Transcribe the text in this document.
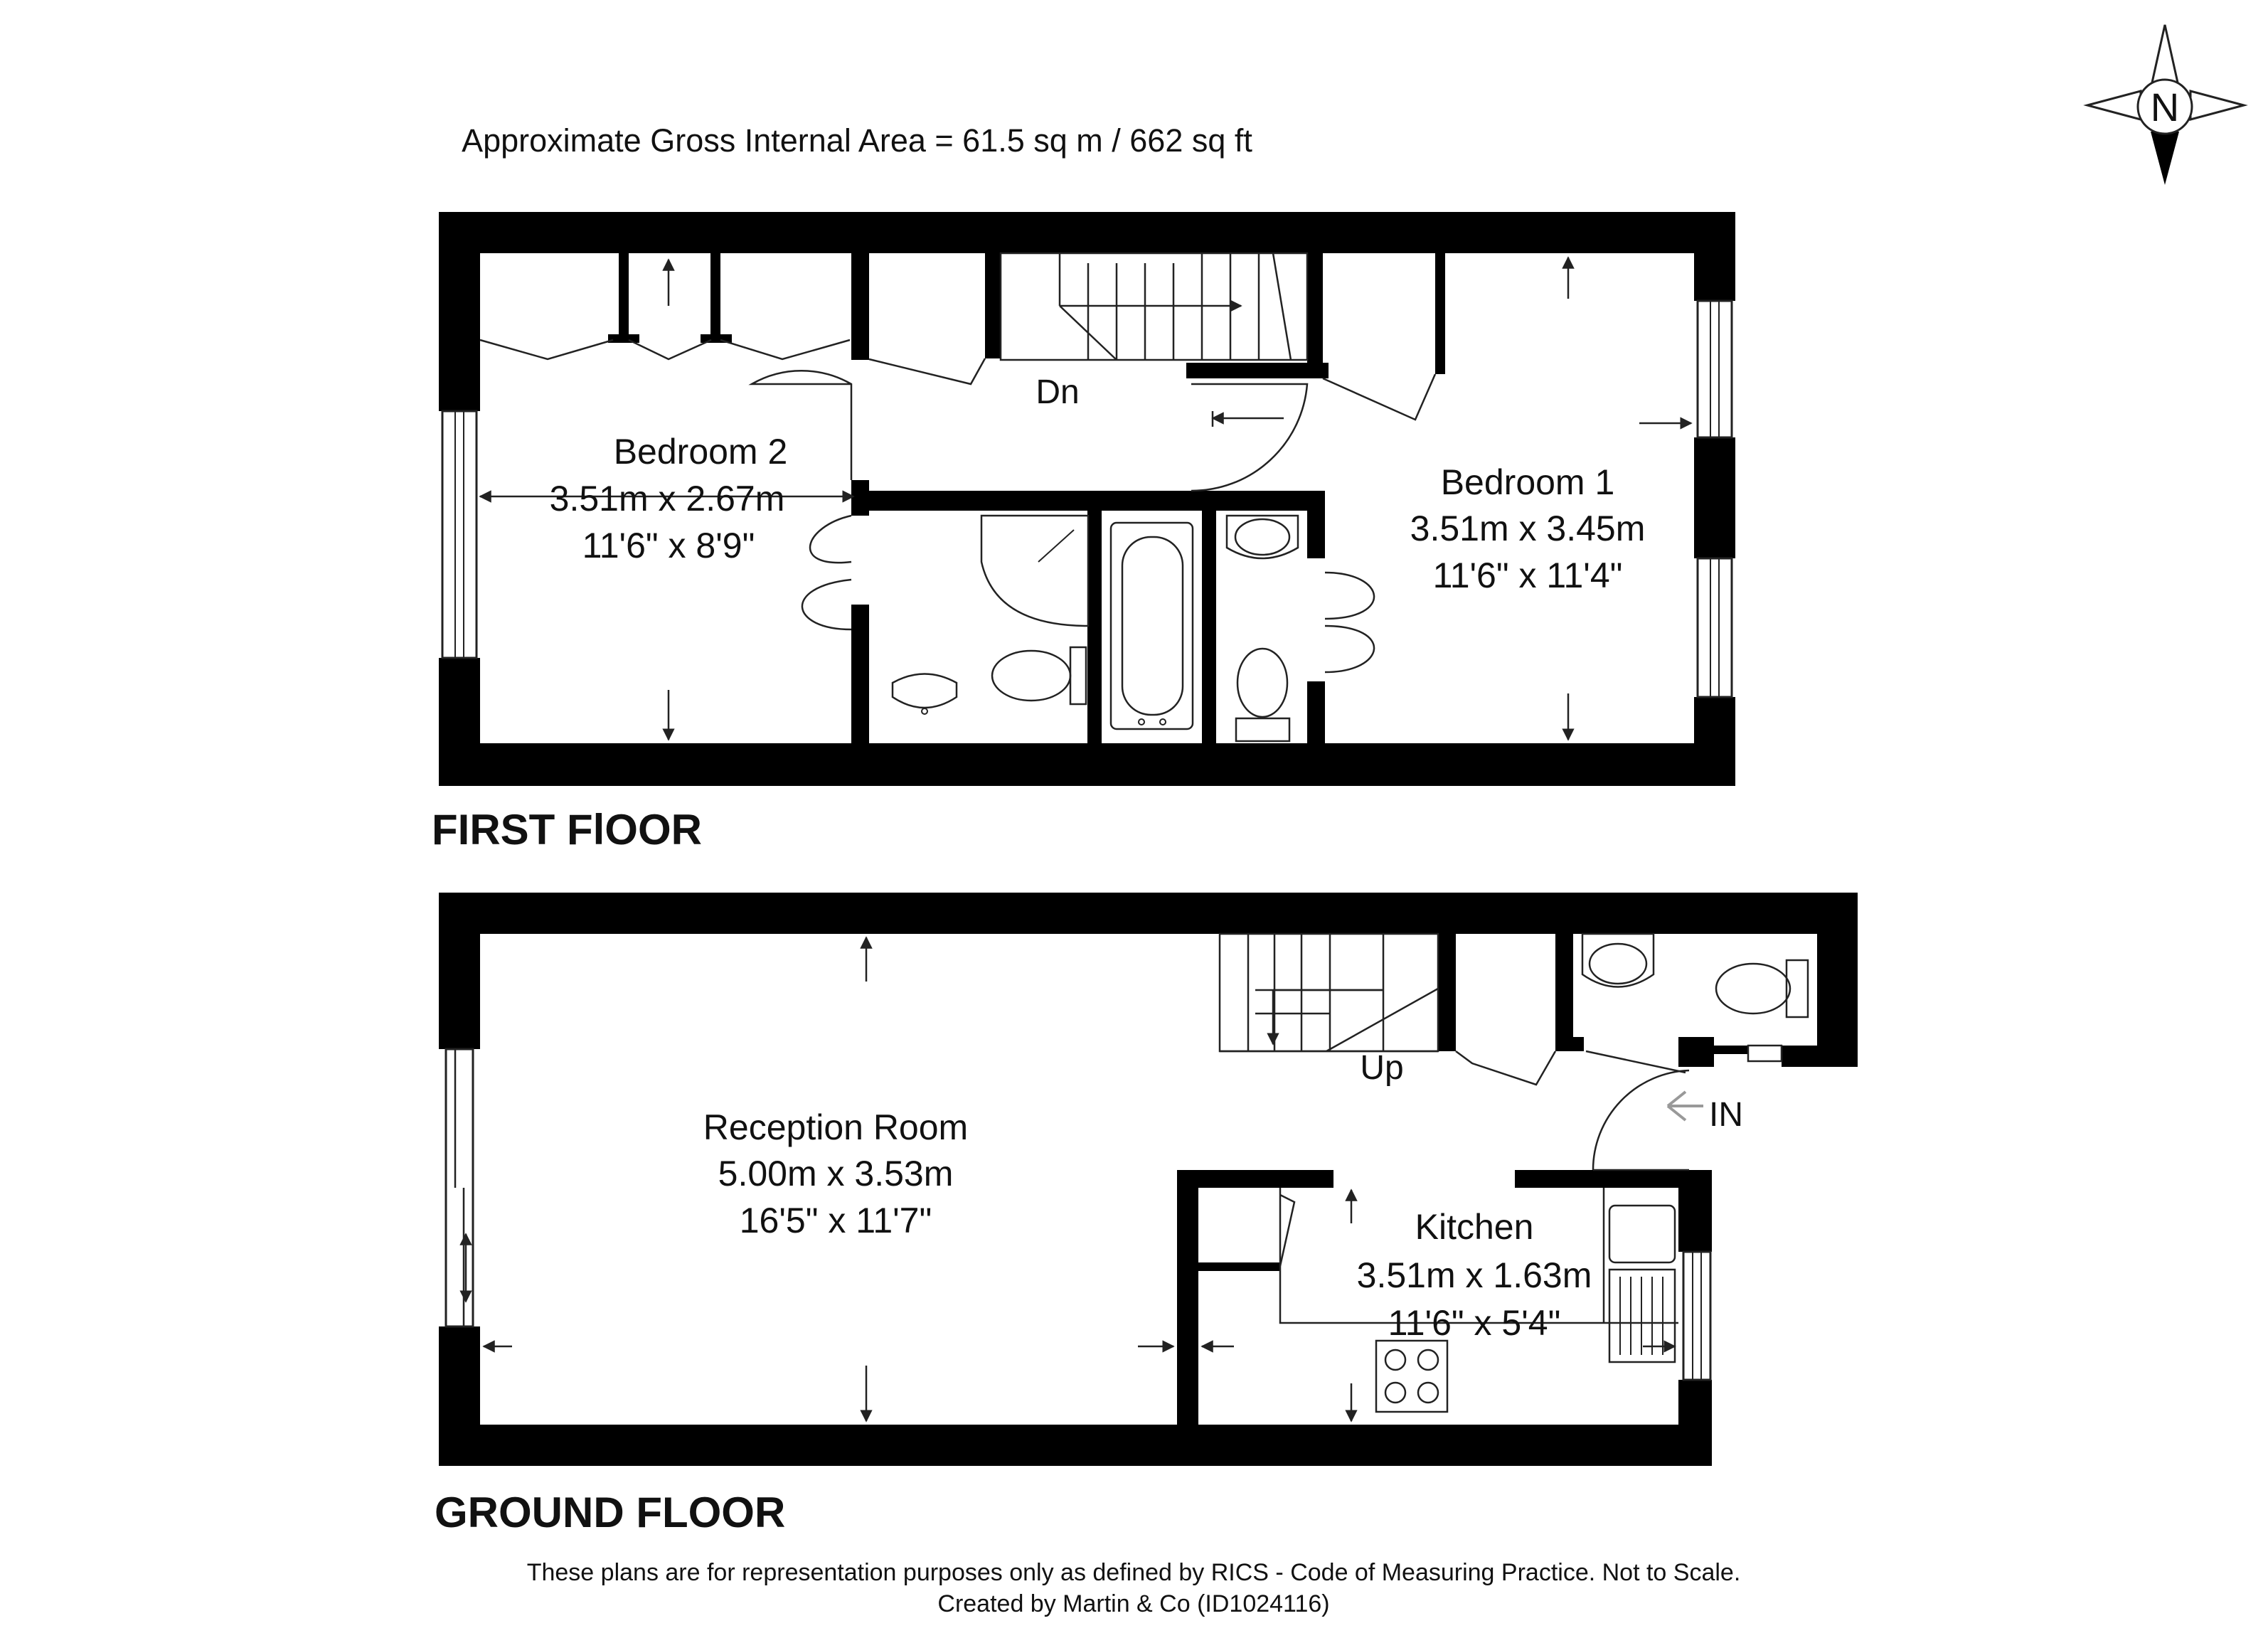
Approximate Gross Internal Area = 61.5 sq m / 662 sq ft
N
Dn
Bedroom 2
3.51m x 2.67m
11'6" x 8'9"
Bedroom 1
3.51m x 3.45m
11'6" x 11'4"
FIRST FlOOR
Up
IN
Reception Room
5.00m x 3.53m
16'5" x 11'7"	Kitchen
3.51m x 1.63m
11'6" x 5'4"
GROUND FLOOR
These plans are for representation purposes only as defined by RICS - Code of Measuring Practice. Not to Scale.
Created by Martin & Co (ID1024116)
